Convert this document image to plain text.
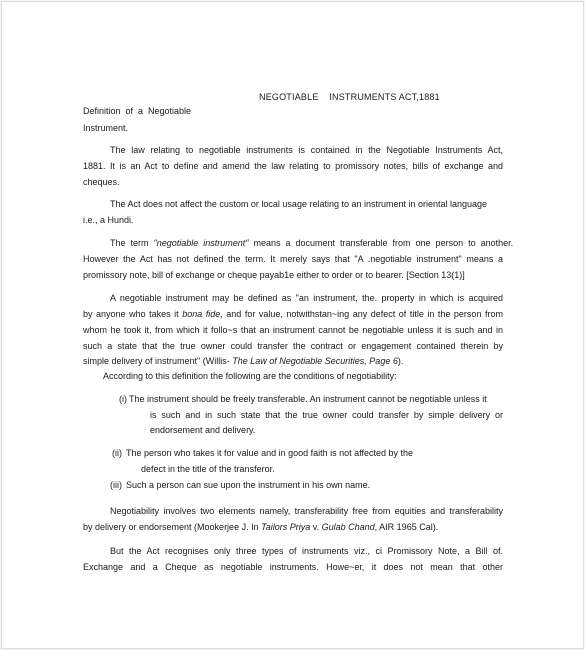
NEGOTIABLE    INSTRUMENTS ACT,1881
Definition  of  a  Negotiable
Instrument.
The law relating to negotiable instruments is contained in the Negotiable Instruments Act,
1881. It is an Act to define and amend the law relating to promissory notes, bills of exchange and
cheques.
The Act does not affect the custom or local usage relating to an instrument in oriental language
i.e., a Hundi.
The  term  "negotiable  instrument"  means  a  document  transferable  from  one  person  to  another.
However the Act has not defined the term. It merely says that "A .negotiable instrument" means a
promissory note, bill of exchange or cheque payab1e either to order or to bearer. [Section 13(1)]
A negotiable instrument may be defined as "an instrument, the. property in which is acquired
by anyone who takes it bona fide, and for value, notwithstan~ing any defect of title in the person from
whom he took it, from which it follo~s that an instrument cannot be negotiable unless it is such and in
such a state that the true owner could transfer the contract or engagement contained therein by
simple delivery of instrument" (Willis- The Law of Negotiable Securities, Page 6).
According to this definition the following are the conditions of negotiability:
(i) The instrument should be freely transferable. An instrument cannot be negotiable unless it
is such and in such state that the true owner could transfer by simple delivery or
endorsement and delivery.
(ii) The person who takes it for value and in good faith is not affected by the
defect in the title of the transferor.
(iii) Such a person can sue upon the instrument in his own name.
Negotiability involves two elements namely, transferability free from equities and transferability
by delivery or endorsement (Mookerjee J. In Tailors Priya v. Gulab Chand, AIR 1965 Cal).
But the Act recognises only three types of instruments viz., ci Promissory Note, a Bill of.
Exchange and a Cheque as negotiable instruments. Howe~er, it does not mean that other
